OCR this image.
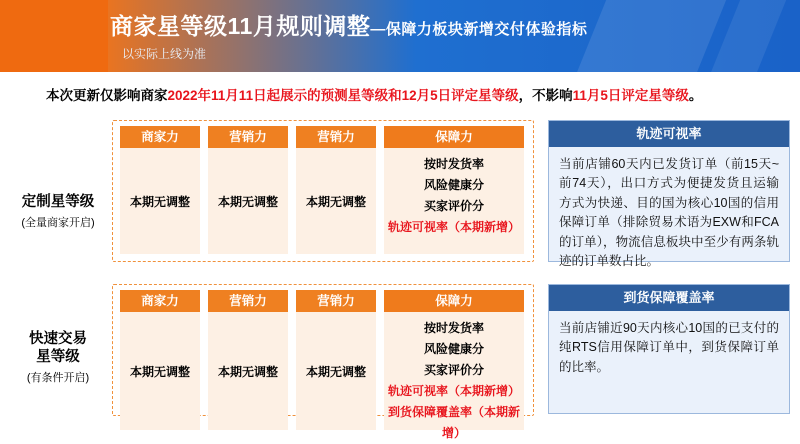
商家星等级11月规则调整—保障力板块新增交付体验指标
以实际上线为准
本次更新仅影响商家2022年11月11日起展示的预测星等级和12月5日评定星等级，不影响11月5日评定星等级。
定制星等级
(全量商家开启)
商家力
本期无调整
营销力
本期无调整
营销力
本期无调整
保障力
按时发货率
风险健康分
买家评价分
轨迹可视率（本期新增）
轨迹可视率
当前店铺60天内已发货订单（前15天~前74天），出口方式为便捷发货且运输方式为快递、目的国为核心10国的信用保障订单（排除贸易术语为EXW和FCA的订单），物流信息板块中至少有两条轨迹的订单数占比。
快速交易
星等级
(有条件开启)
商家力
本期无调整
营销力
本期无调整
营销力
本期无调整
保障力
按时发货率
风险健康分
买家评价分
轨迹可视率（本期新增）
到货保障覆盖率（本期新增）
到货保障覆盖率
当前店铺近90天内核心10国的已支付的纯RTS信用保障订单中，到货保障订单的比率。
